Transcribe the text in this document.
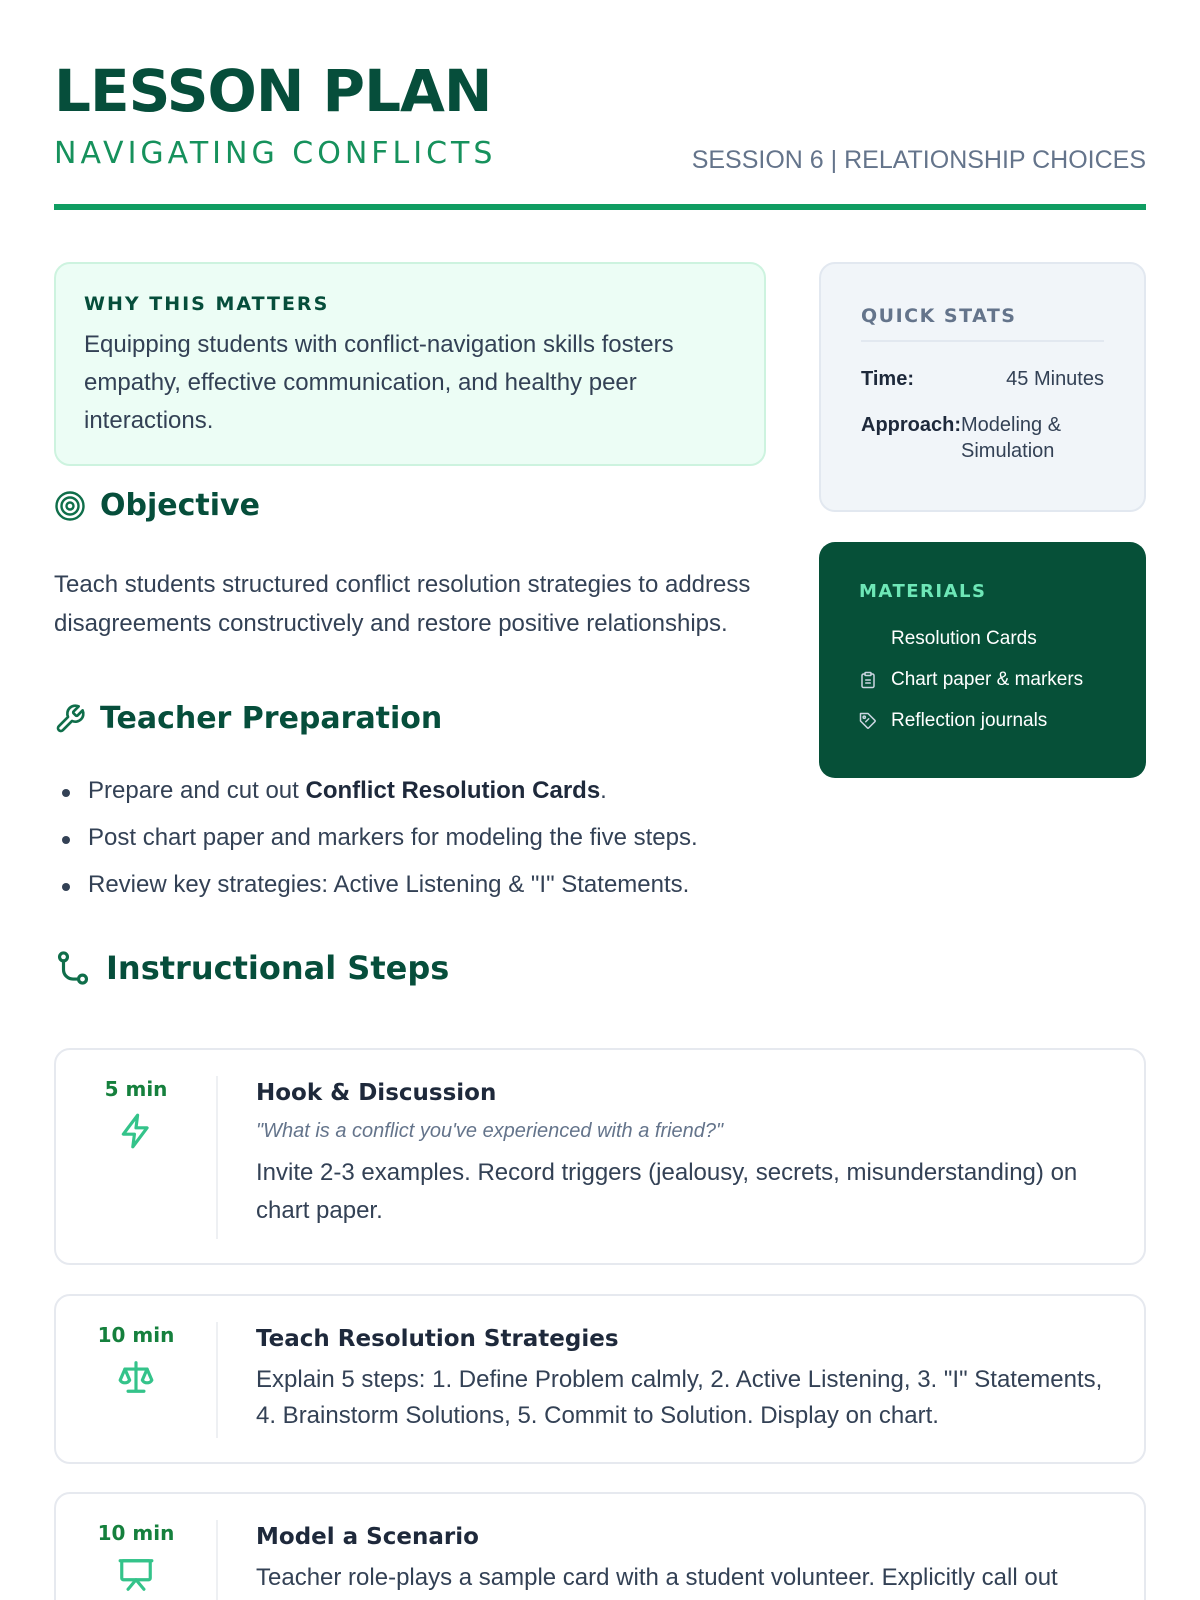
LESSON PLAN
NAVIGATING CONFLICTS	SESSION 6 | RELATIONSHIP CHOICES
WHY THIS MATTERS
Equipping students with conflict-navigation skills fosters empathy, effective communication, and healthy peer interactions.
Objective
Teach students structured conflict resolution strategies to address disagreements constructively and restore positive relationships.
Teacher Preparation
Prepare and cut out Conflict Resolution Cards.
Post chart paper and markers for modeling the five steps.
Review key strategies: Active Listening & "I" Statements.
QUICK STATS
Time:	45 Minutes
Approach: Modeling & Simulation
MATERIALS
Resolution Cards
Chart paper & markers
Reflection journals
Instructional Steps
5 min	Hook & Discussion
"What is a conflict you've experienced with a friend?"
Invite 2-3 examples. Record triggers (jealousy, secrets, misunderstanding) on chart paper.
10 min	Teach Resolution Strategies
Explain 5 steps: 1. Define Problem calmly, 2. Active Listening, 3. "I" Statements, 4. Brainstorm Solutions, 5. Commit to Solution. Display on chart.
10 min	Model a Scenario
Teacher role-plays a sample card with a student volunteer. Explicitly call out
